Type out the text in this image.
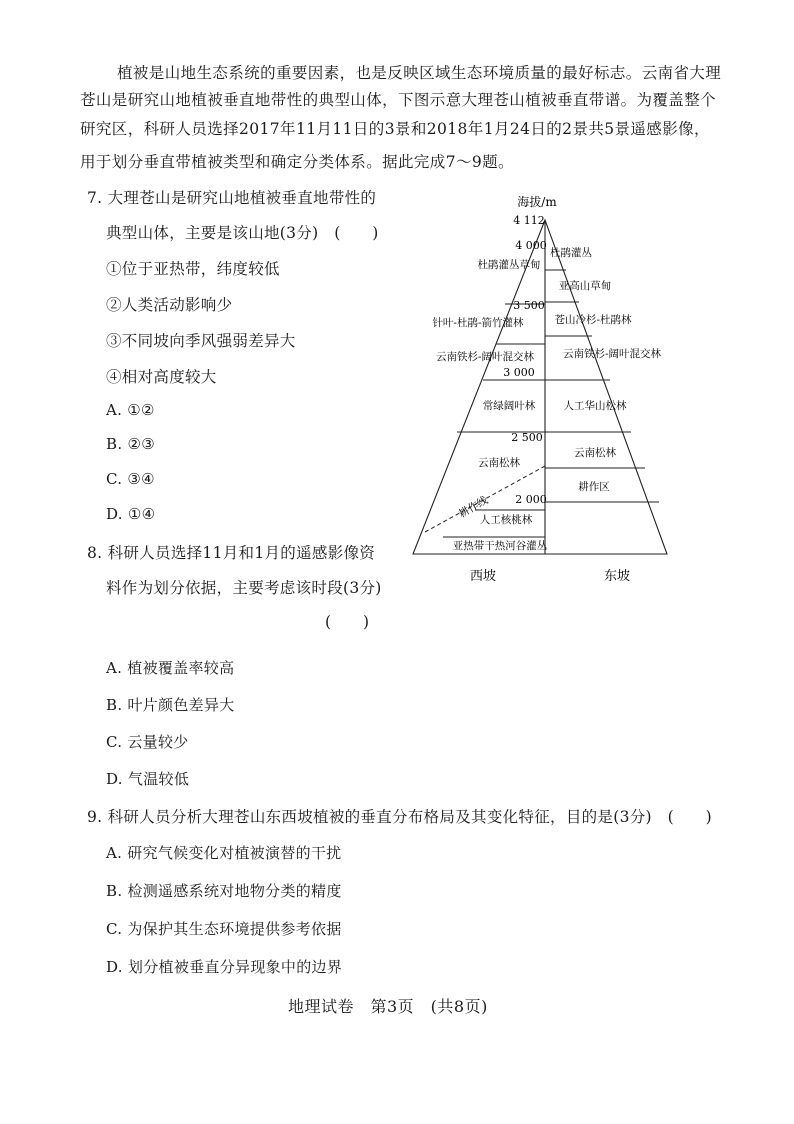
植被是山地生态系统的重要因素，也是反映区域生态环境质量的最好标志。云南省大理
苍山是研究山地植被垂直地带性的典型山体，下图示意大理苍山植被垂直带谱。为覆盖整个
研究区，科研人员选择2017年11月11日的3景和2018年1月24日的2景共5景遥感影像，
用于划分垂直带植被类型和确定分类体系。据此完成7～9题。
7. 大理苍山是研究山地植被垂直地带性的
典型山体，主要是该山地(3分)　(　　)
①位于亚热带，纬度较低
②人类活动影响少
③不同坡向季风强弱差异大
④相对高度较大
A. ①②
B. ②③
C. ③④
D. ①④
8. 科研人员选择11月和1月的遥感影像资
料作为划分依据，主要考虑该时段(3分)
(　　)
A. 植被覆盖率较高
B. 叶片颜色差异大
C. 云量较少
D. 气温较低
9. 科研人员分析大理苍山东西坡植被的垂直分布格局及其变化特征，目的是(3分)　(　　)
A. 研究气候变化对植被演替的干扰
B. 检测遥感系统对地物分类的精度
C. 为保护其生态环境提供参考依据
D. 划分植被垂直分异现象中的边界
地理试卷　第3页　(共8页)
海拔/m
4 112
4 000
3 500
3 000
2 500
2 000
杜鹃灌丛草甸
针叶-杜鹃-箭竹灌林
云南铁杉-阔叶混交林
常绿阔叶林
云南松林
人工核桃林
亚热带干热河谷灌丛
耕作线
杜鹃灌丛
亚高山草甸
苍山冷杉-杜鹃林
云南铁杉-阔叶混交林
人工华山松林
云南松林
耕作区
西坡	东坡
